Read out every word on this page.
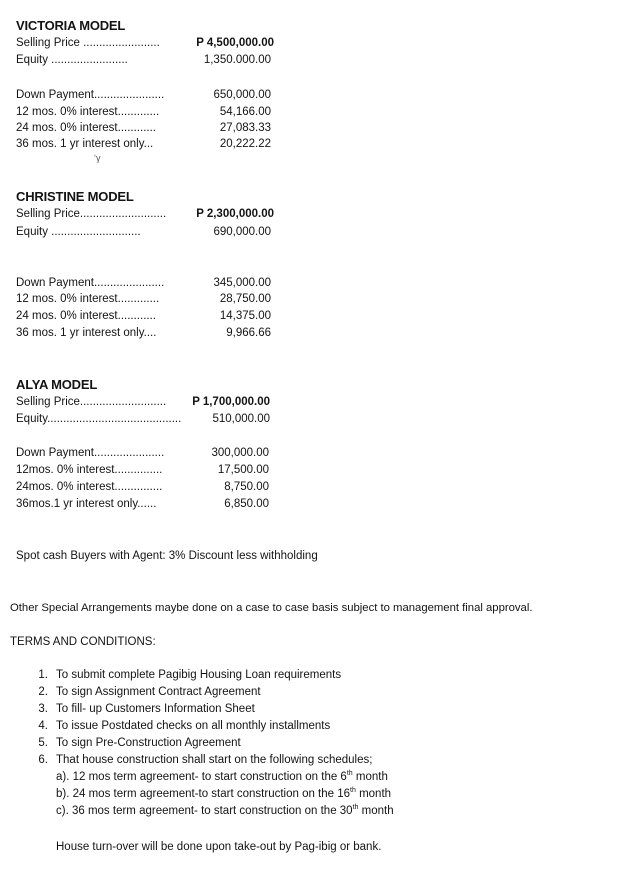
VICTORIA MODEL
Selling Price ........................	P 4,500,000.00
Equity ........................	1,350.000.00
Down Payment......................	650,000.00
12 mos. 0% interest.............	54,166.00
24 mos. 0% interest............	27,083.33
36 mos. 1 yr interest only...	20,222.22
‘γ
CHRISTINE MODEL
Selling Price...........................	P 2,300,000.00
Equity ............................	690,000.00
Down Payment......................	345,000.00
12 mos. 0% interest.............	28,750.00
24 mos. 0% interest............	14,375.00
36 mos. 1 yr interest only....	9,966.66
ALYA MODEL
Selling Price........................... P 1,700,000.00
Equity..........................................	510,000.00
Down Payment......................	300,000.00
12mos. 0% interest...............	17,500.00
24mos. 0% interest...............	8,750.00
36mos.1 yr interest only......	6,850.00
Spot cash Buyers with Agent: 3% Discount less withholding
Other Special Arrangements maybe done on a case to case basis subject to management final approval.
TERMS AND CONDITIONS:
1. To submit complete Pagibig Housing Loan requirements
2. To sign Assignment Contract Agreement
3. To fill- up Customers Information Sheet
4. To issue Postdated checks on all monthly installments
5. To sign Pre-Construction Agreement
6. That house construction shall start on the following schedules;
a). 12 mos term agreement- to start construction on the 6th month
b). 24 mos term agreement-to start construction on the 16th month
c). 36 mos term agreement- to start construction on the 30th month
House turn-over will be done upon take-out by Pag-ibig or bank.
